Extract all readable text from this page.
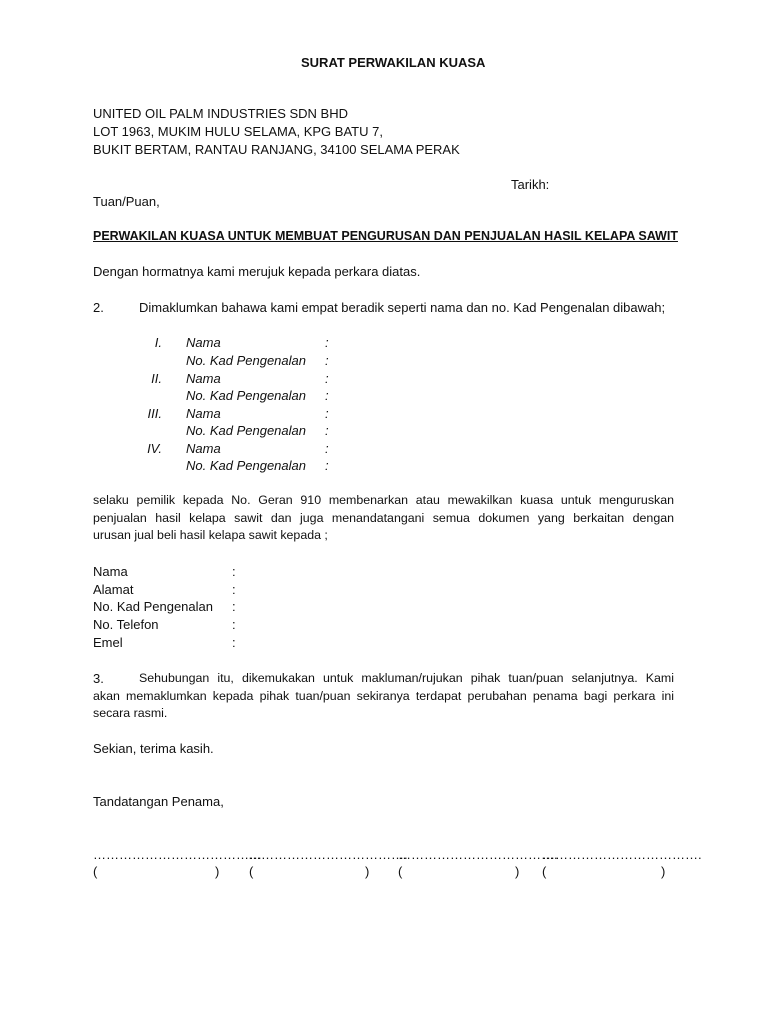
SURAT PERWAKILAN KUASA
UNITED OIL PALM INDUSTRIES SDN BHD
LOT 1963, MUKIM HULU SELAMA, KPG BATU 7,
BUKIT BERTAM, RANTAU RANJANG, 34100 SELAMA PERAK
Tarikh:
Tuan/Puan,
PERWAKILAN KUASA UNTUK MEMBUAT PENGURUSAN DAN PENJUALAN HASIL KELAPA SAWIT
Dengan hormatnya kami merujuk kepada perkara diatas.
2.	Dimaklumkan bahawa kami empat beradik seperti nama dan no. Kad Pengenalan dibawah;
I. Nama	:
No. Kad Pengenalan :
II. Nama	:
No. Kad Pengenalan :
III. Nama	:
No. Kad Pengenalan :
IV. Nama	:
No. Kad Pengenalan :
selaku pemilik kepada No. Geran 910 membenarkan atau mewakilkan kuasa untuk menguruskan
penjualan hasil kelapa sawit dan juga menandatangani semua dokumen yang berkaitan dengan
urusan jual beli hasil kelapa sawit kepada ;
Nama	:
Alamat	:
No. Kad Pengenalan :
No. Telefon	:
Emel	:
3.	Sehubungan itu, dikemukakan untuk makluman/rujukan pihak tuan/puan selanjutnya. Kami
akan memaklumkan kepada pihak tuan/puan sekiranya terdapat perubahan penama bagi perkara ini
secara rasmi.
Sekian, terima kasih.
Tandatangan Penama,
…………………………………
(	)
……………………………….
(	)
……………………………….
(	)
……………………………….
(	)
